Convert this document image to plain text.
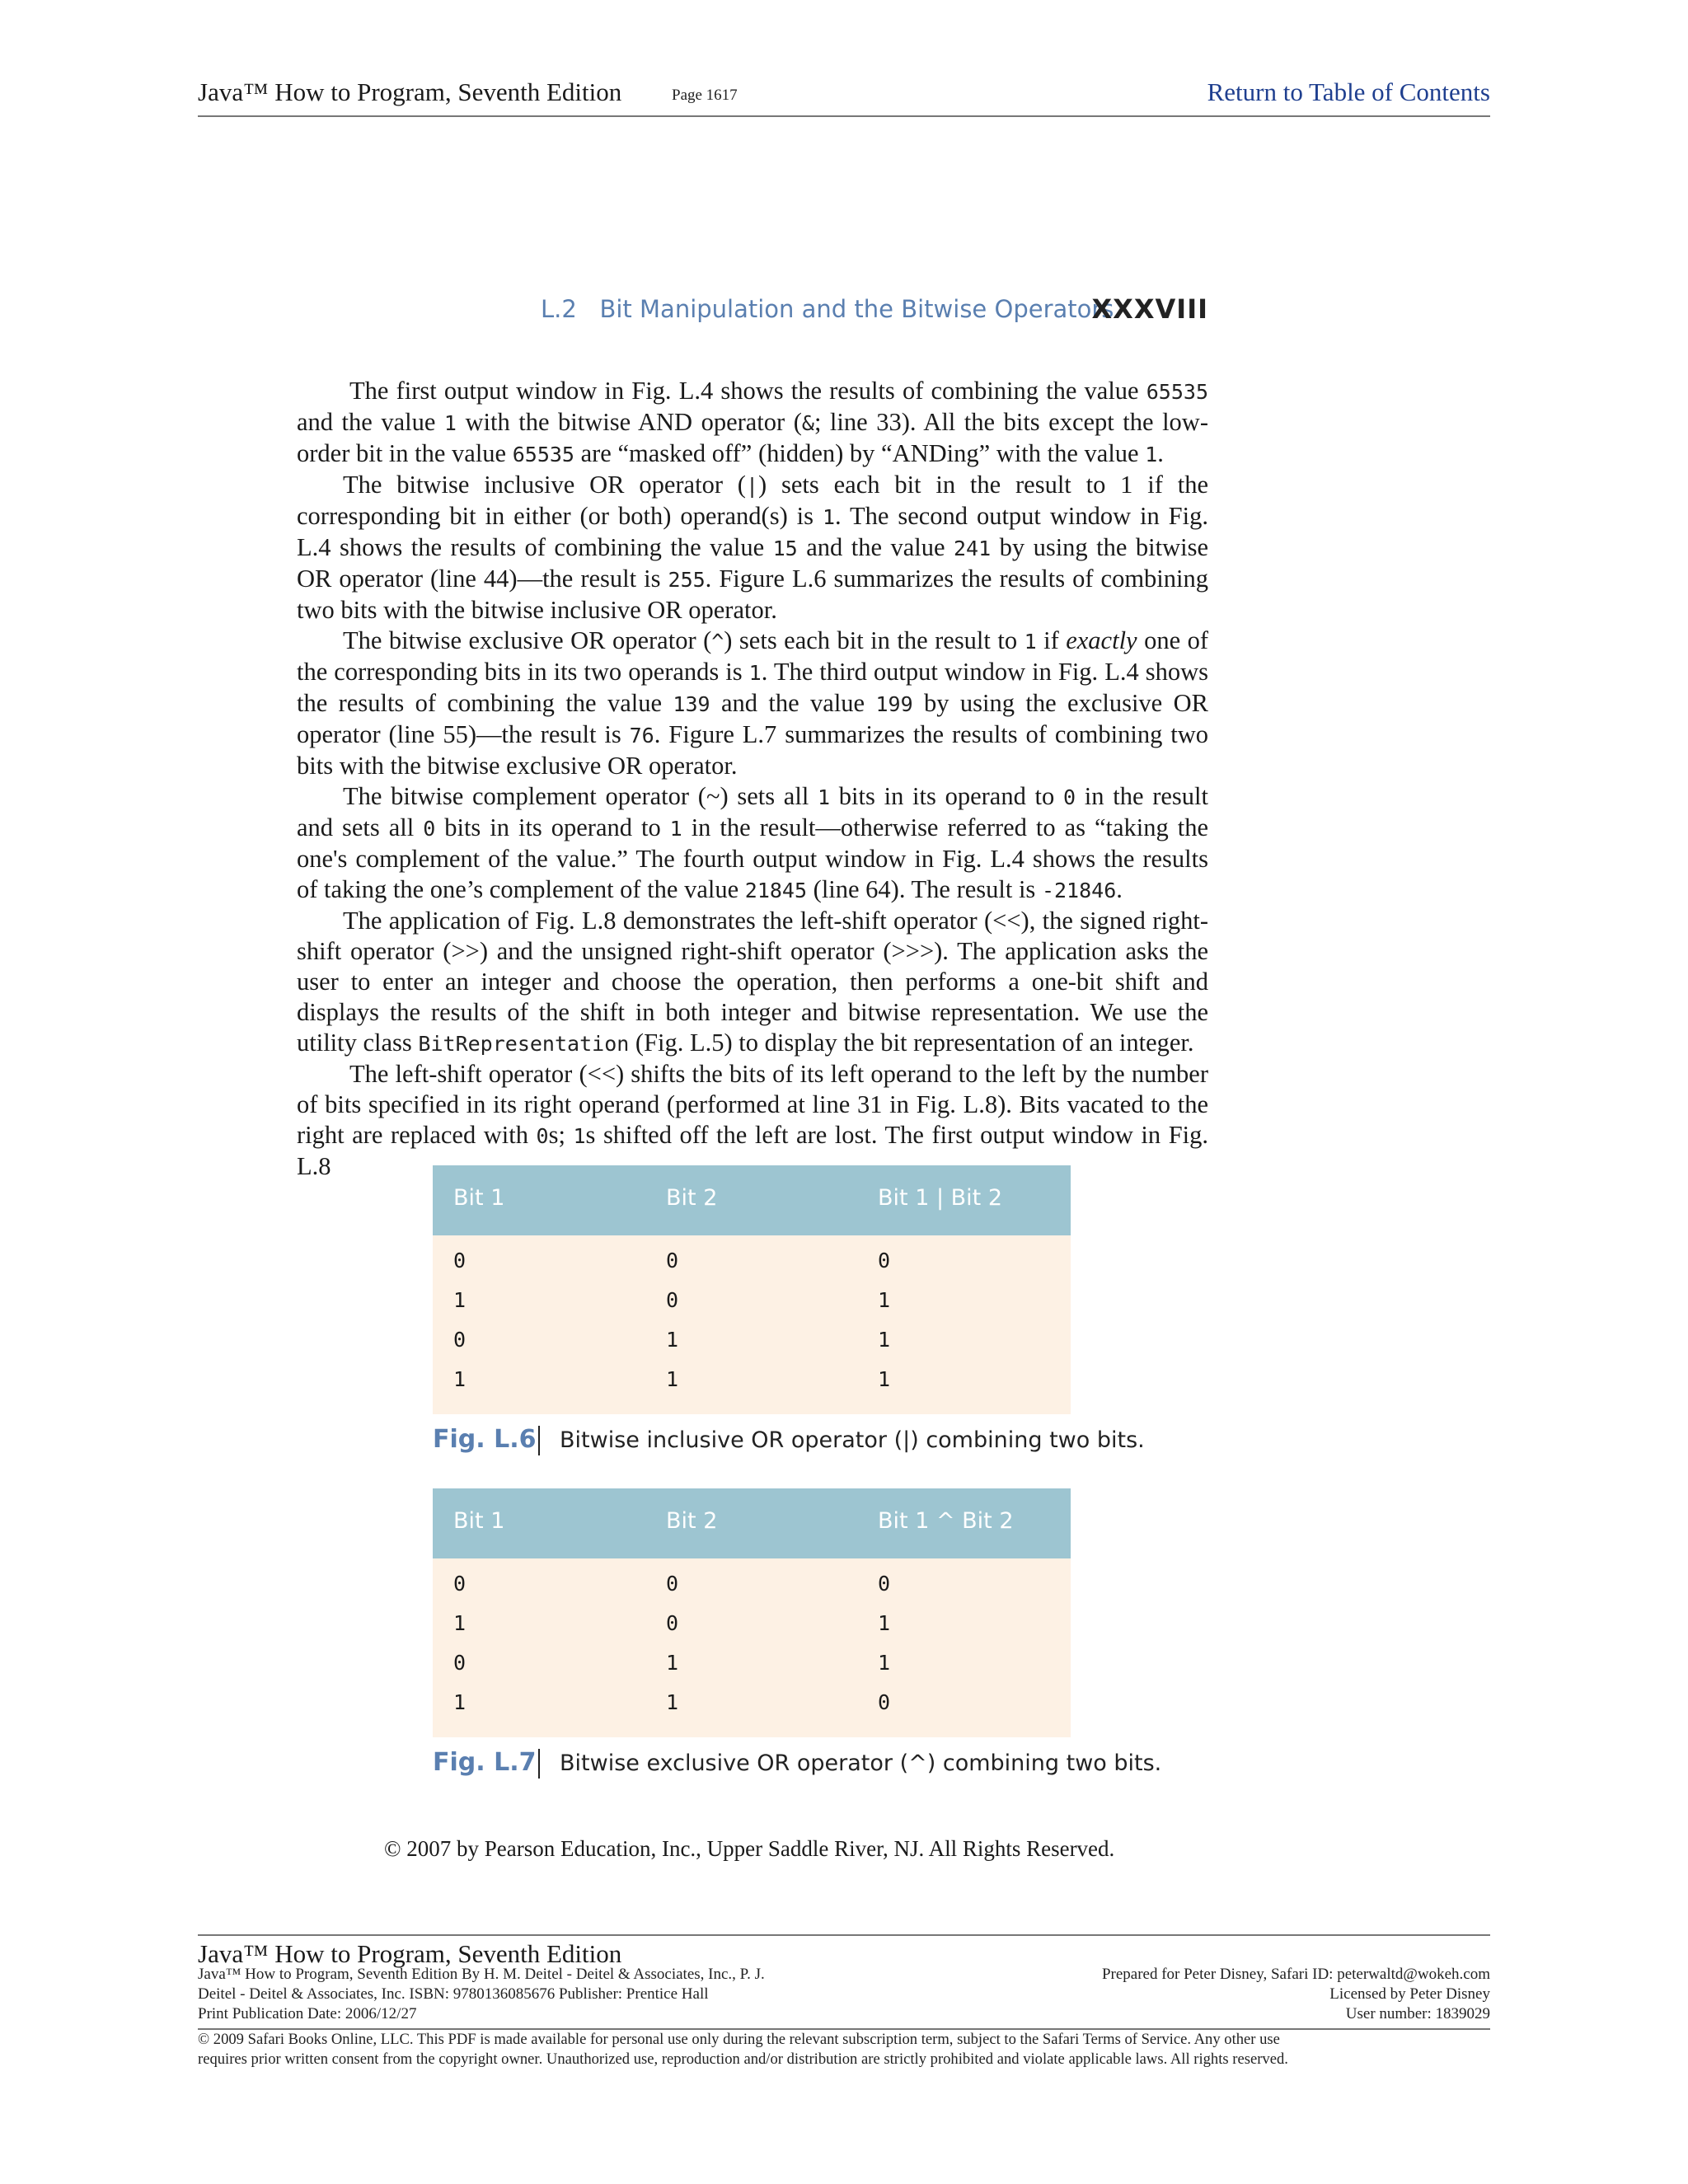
Java™ How to Program, Seventh Edition	Page 1617	Return to Table of Contents
L.2   Bit Manipulation and the Bitwise Operators
XXXVIII

The first output window in Fig. L.4 shows the results of combining the value 65535 and the value 1 with the bitwise AND operator (&; line 33). All the bits except the low-order bit in the value 65535 are “masked off” (hidden) by “ANDing” with the value 1.

The bitwise inclusive OR operator (|) sets each bit in the result to 1 if the corresponding bit in either (or both) operand(s) is 1. The second output window in Fig. L.4 shows the results of combining the value 15 and the value 241 by using the bitwise OR operator (line 44)—the result is 255. Figure L.6 summarizes the results of combining two bits with the bitwise inclusive OR operator.

The bitwise exclusive OR operator (^) sets each bit in the result to 1 if exactly one of the corresponding bits in its two operands is 1. The third output window in Fig. L.4 shows the results of combining the value 139 and the value 199 by using the exclusive OR operator (line 55)—the result is 76. Figure L.7 summarizes the results of combining two bits with the bitwise exclusive OR operator.

The bitwise complement operator (~) sets all 1 bits in its operand to 0 in the result and sets all 0 bits in its operand to 1 in the result—otherwise referred to as “taking the one's complement of the value.” The fourth output window in Fig. L.4 shows the results of taking the one’s complement of the value 21845 (line 64). The result is -21846.

The application of Fig. L.8 demonstrates the left-shift operator (<<), the signed right-shift operator (>>) and the unsigned right-shift operator (>>>). The application asks the user to enter an integer and choose the operation, then performs a one-bit shift and displays the results of the shift in both integer and bitwise representation. We use the utility class BitRepresentation (Fig. L.5) to display the bit representation of an integer.

The left-shift operator (<<) shifts the bits of its left operand to the left by the number of bits specified in its right operand (performed at line 31 in Fig. L.8). Bits vacated to the right are replaced with 0s; 1s shifted off the left are lost. The first output window in Fig. L.8

Bit 1	Bit 2	Bit 1 | Bit 2
0	0	0
1	0	1
0	1	1
1	1	1
Fig. L.6 Bitwise inclusive OR operator (|) combining two bits.
Bit 1	Bit 2	Bit 1 ^ Bit 2
0	0	0
1	0	1
0	1	1
1	1	0
Fig. L.7 Bitwise exclusive OR operator (^) combining two bits.
© 2007 by Pearson Education, Inc., Upper Saddle River, NJ. All Rights Reserved.
Java™ How to Program, Seventh Edition
Java™ How to Program, Seventh Edition By H. M. Deitel - Deitel & Associates, Inc., P. J.
Deitel - Deitel & Associates, Inc. ISBN: 9780136085676 Publisher: Prentice Hall
Print Publication Date: 2006/12/27
Prepared for Peter Disney, Safari ID: peterwaltd@wokeh.com
Licensed by Peter Disney
User number: 1839029
© 2009 Safari Books Online, LLC. This PDF is made available for personal use only during the relevant subscription term, subject to the Safari Terms of Service. Any other use
requires prior written consent from the copyright owner. Unauthorized use, reproduction and/or distribution are strictly prohibited and violate applicable laws. All rights reserved.
